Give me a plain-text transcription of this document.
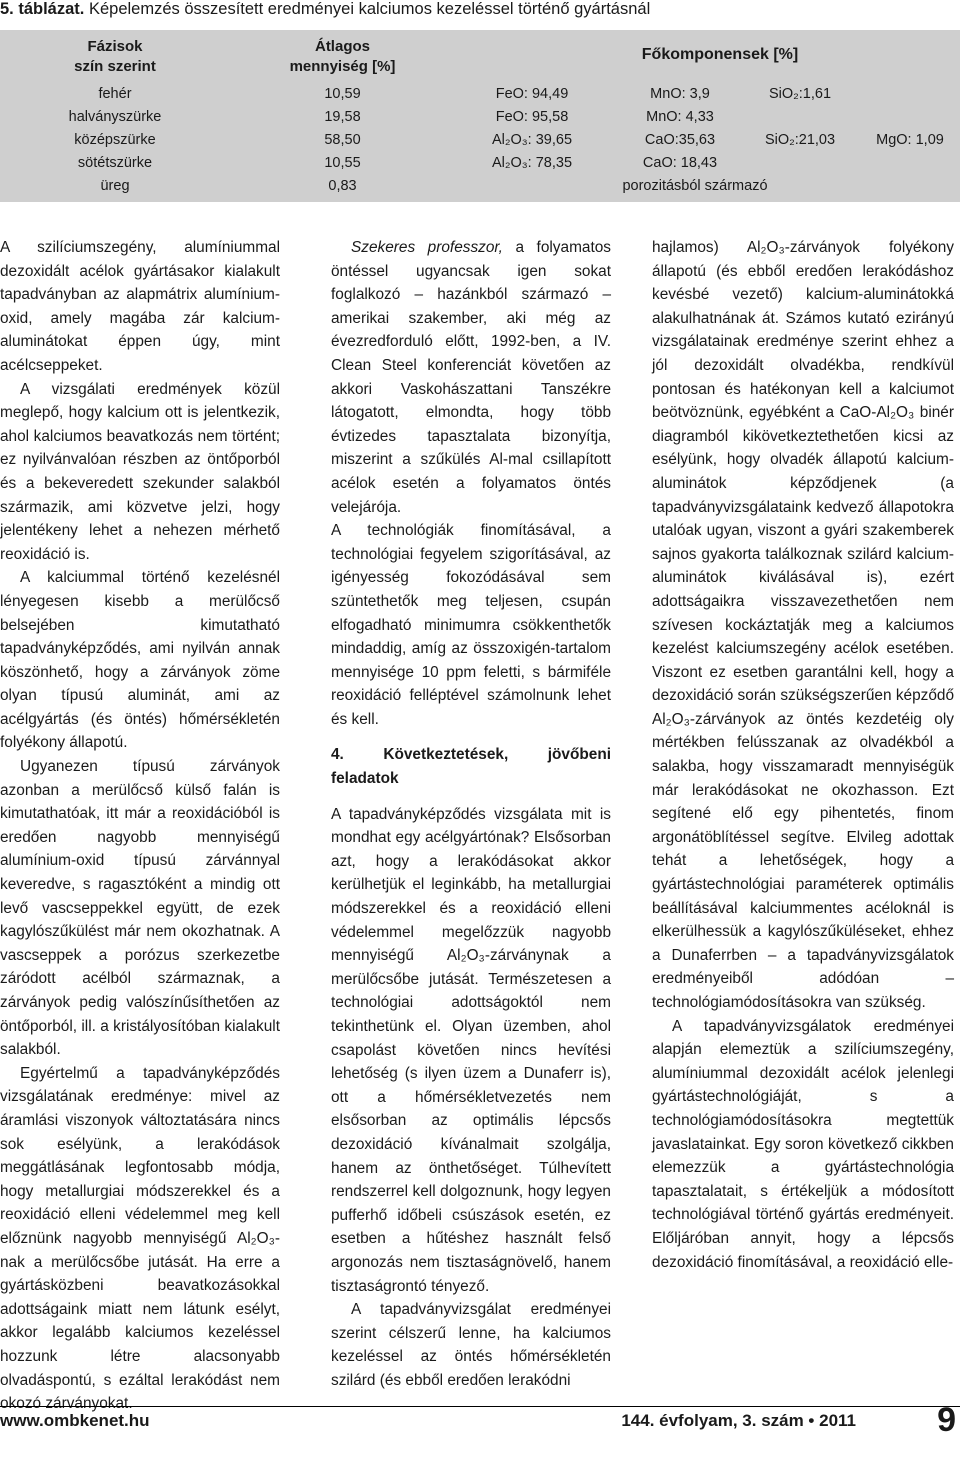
5. táblázat. Képelemzés összesített eredményei kalciumos kezeléssel történő gyártásnál
Fázisok
szín szerint
Átlagos
mennyiség [%]
Főkomponensek [%]
fehér	10,59	FeO: 94,49	MnO: 3,9	SiO₂:1,61
halványszürke	19,58	FeO: 95,58	MnO: 4,33
középszürke	58,50	Al₂O₃: 39,65	CaO:35,63	SiO₂:21,03	MgO: 1,09
sötétszürke	10,55	Al₂O₃: 78,35	CaO: 18,43
üreg	0,83	porozitásból származó

A szilíciumszegény, alumíniummal dezoxidált acélok gyártásakor kialakult tapadványban az alapmátrix alumínium-oxid, amely magába zár kalcium-aluminátokat éppen úgy, mint acélcseppeket.

A vizsgálati eredmények közül meglepő, hogy kalcium ott is jelentkezik, ahol kalciumos beavatkozás nem történt; ez nyilvánvalóan részben az öntőporból és a bekeveredett szekunder salakból származik, ami közvetve jelzi, hogy jelentékeny lehet a nehezen mérhető reoxidáció is.

A kalciummal történő kezelésnél lényegesen kisebb a merülőcső belsejében kimutatható tapadványképződés, ami nyilván annak köszönhető, hogy a zárványok zöme olyan típusú aluminát, ami az acélgyártás (és öntés) hőmérsékletén folyékony állapotú.

Ugyanezen típusú zárványok azonban a merülőcső külső falán is kimutathatóak, itt már a reoxidációból is eredően nagyobb mennyiségű alumínium-oxid típusú zárvánnyal keveredve, s ragasztóként a mindig ott levő vascseppekkel együtt, de ezek kagylószűkülést már nem okozhatnak. A vascseppek a porózus szerkezetbe záródott acélból származnak, a zárványok pedig valószínűsíthetően az öntőporból, ill. a kristályosítóban kialakult salakból.

Egyértelmű a tapadványképződés vizsgálatának eredménye: mivel az áramlási viszonyok változtatására nincs sok esélyünk, a lerakódások meggátlásának legfontosabb módja, hogy metallurgiai módszerekkel és a reoxidáció elleni védelemmel meg kell előznünk nagyobb mennyiségű Al₂O₃-nak a merülőcsőbe jutását. Ha erre a gyártásközbeni beavatkozásokkal adottságaink miatt nem látunk esélyt, akkor legalább kalciumos kezeléssel hozzunk létre alacsonyabb olvadáspontú, s ezáltal lerakódást nem okozó zárványokat.

Szekeres professzor, a folyamatos öntéssel ugyancsak igen sokat foglalkozó – hazánkból származó – amerikai szakember, aki még az évezredforduló előtt, 1992-ben, a IV. Clean Steel konferenciát követően az akkori Vaskohászattani Tanszékre látogatott, elmondta, hogy több évtizedes tapasztalata bizonyítja, miszerint a szűkülés Al-mal csillapított acélok esetén a folyamatos öntés velejárója.

A technológiák finomításával, a technológiai fegyelem szigorításával, az igényesség fokozódásával sem szüntethetők meg teljesen, csupán elfogadható minimumra csökkenthetők mindaddig, amíg az összoxigén-tartalom mennyisége 10 ppm feletti, s bármiféle reoxidáció felléptével számolnunk lehet és kell.

4. Következtetések, jövőbeni feladatok

A tapadványképződés vizsgálata mit is mondhat egy acélgyártónak? Elsősorban azt, hogy a lerakódásokat akkor kerülhetjük el leginkább, ha metallurgiai módszerekkel és a reoxidáció elleni védelemmel megelőzzük nagyobb mennyiségű Al₂O₃-zárványnak a merülőcsőbe jutását. Természetesen a technológiai adottságoktól nem tekinthetünk el. Olyan üzemben, ahol csapolást követően nincs hevítési lehetőség (s ilyen üzem a Dunaferr is), ott a hőmérsékletvezetés nem elsősorban az optimális lépcsős dezoxidáció kívánalmait szolgálja, hanem az önthetőséget. Túlhevített rendszerrel kell dolgoznunk, hogy legyen pufferhő időbeli csúszások esetén, ez esetben a hűtéshez használt felső argonozás nem tisztaságnövelő, hanem tisztaságrontó tényező.

A tapadványvizsgálat eredményei szerint célszerű lenne, ha kalciumos kezeléssel az öntés hőmérsékletén szilárd (és ebből eredően lerakódni

hajlamos) Al₂O₃-zárványok folyékony állapotú (és ebből eredően lerakódáshoz kevésbé vezető) kalcium-aluminátokká alakulhatnának át. Számos kutató ezirányú vizsgálatainak eredménye szerint ehhez a jól dezoxidált olvadékba, rendkívül pontosan és hatékonyan kell a kalciumot beötvöznünk, egyébként a CaO-Al₂O₃ binér diagramból kikövetkeztethetően kicsi az esélyünk, hogy olvadék állapotú kalcium-aluminátok képződjenek (a tapadványvizsgálataink kedvező állapotokra utalóak ugyan, viszont a gyári szakemberek sajnos gyakorta találkoznak szilárd kalcium-aluminátok kiválásával is), ezért adottságaikra visszavezethetően nem szívesen kockáztatják meg a kalciumos kezelést kalciumszegény acélok esetében. Viszont ez esetben garantálni kell, hogy a dezoxidáció során szükségszerűen képződő Al₂O₃-zárványok az öntés kezdetéig oly mértékben felússzanak az olvadékból a salakba, hogy visszamaradt mennyiségük már lerakódásokat ne okozhasson. Ezt segítené elő egy pihentetés, finom argonátöblítéssel segítve. Elvileg adottak tehát a lehetőségek, hogy a gyártástechnológiai paraméterek optimális beállításával kalciummentes acéloknál is elkerülhessük a kagylószűküléseket, ehhez a Dunaferrben – a tapadványvizsgálatok eredményeiből adódóan – technológiamódosításokra van szükség.

A tapadványvizsgálatok eredményei alapján elemeztük a szilíciumszegény, alumíniummal dezoxidált acélok jelenlegi gyártástechnológiáját, s a technológiamódosításokra megtettük javaslatainkat. Egy soron következő cikkben elemezzük a gyártástechnológia tapasztalatait, s értékeljük a módosított technológiával történő gyártás eredményeit. Előljáróban annyit, hogy a lépcsős dezoxidáció finomításával, a reoxidáció elle-

www.ombkenet.hu	144. évfolyam, 3. szám • 2011 9
